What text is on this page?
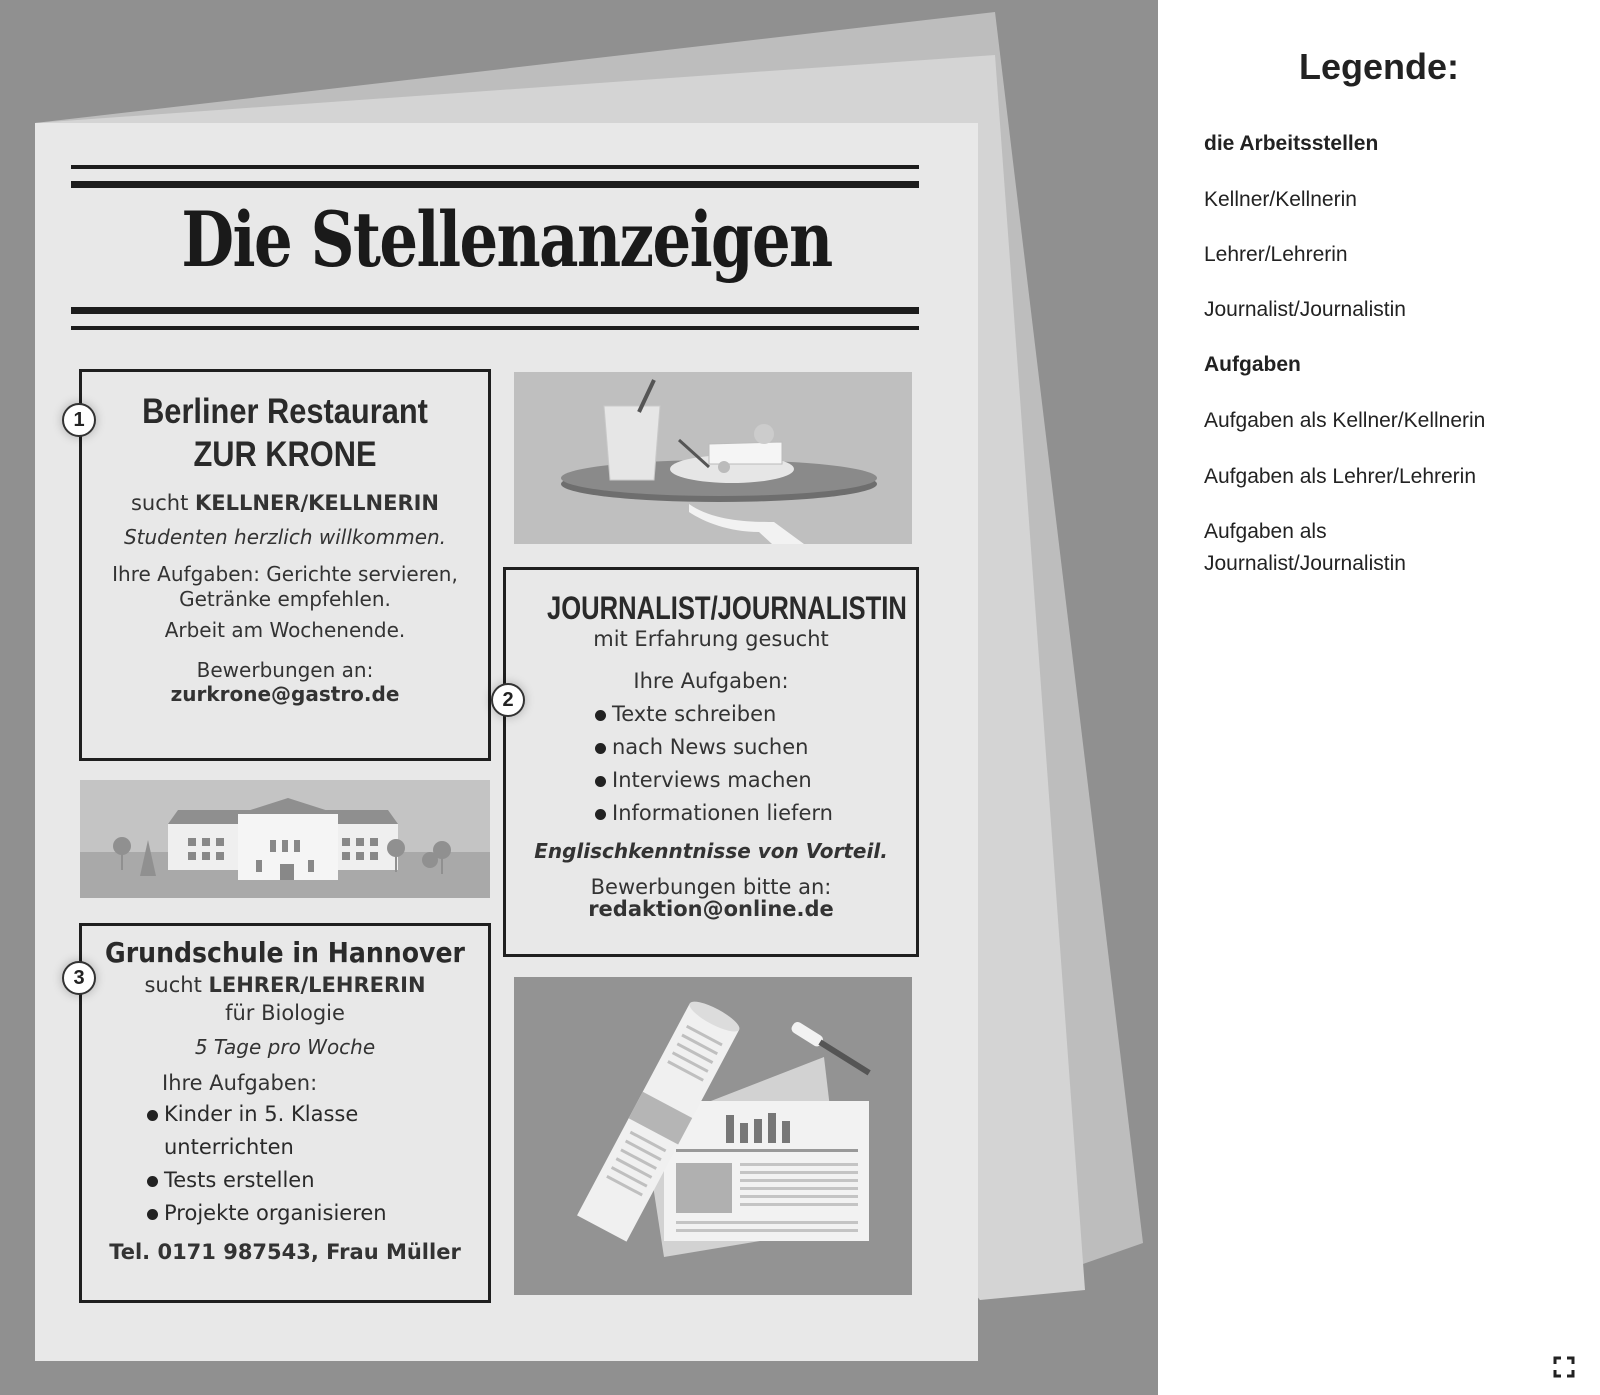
Die Stellenanzeigen
Berliner Restaurant
ZUR KRONE
sucht KELLNER/KELLNERIN
Studenten herzlich willkommen.
Ihre Aufgaben: Gerichte servieren,
Getränke empfehlen.
Arbeit am Wochenende.
Bewerbungen an:
zurkrone@gastro.de
1
JOURNALIST/JOURNALISTIN
mit Erfahrung gesucht
Ihre Aufgaben:
Texte schreiben
nach News suchen
Interviews machen
Informationen liefern
Englischkenntnisse von Vorteil.
Bewerbungen bitte an:
redaktion@online.de
2
Grundschule in Hannover
sucht LEHRER/LEHRERIN
für Biologie
5 Tage pro Woche
Ihre Aufgaben:
Kinder in 5. Klasse
unterrichten
Tests erstellen
Projekte organisieren
Tel. 0171 987543, Frau Müller
3
Legende:
die Arbeitsstellen
Kellner/Kellnerin
Lehrer/Lehrerin
Journalist/Journalistin
Aufgaben
Aufgaben als Kellner/Kellnerin
Aufgaben als Lehrer/Lehrerin
Aufgaben als Journalist/Journalistin
